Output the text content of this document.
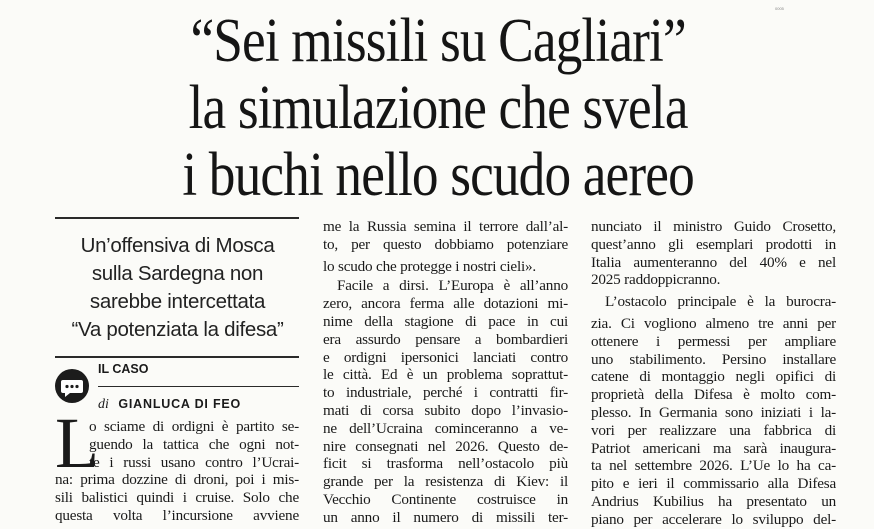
0005
“Sei missili su Cagliari”
la simulazione che svela
i buchi nello scudo aereo
Un’offensiva di Mosca
sulla Sardegna non
sarebbe intercettata
“Va potenziata la difesa”
IL CASO
di GIANLUCA DI FEO
L
o sciame di ordigni è partito se-
guendo la tattica che ogni not-
te i russi usano contro l’Ucrai-
na: prima dozzine di droni, poi i mis-
sili balistici quindi i cruise. Solo che
questa volta l’incursione avviene
me la Russia semina il terrore dall’al-
to, per questo dobbiamo potenziare
lo scudo che protegge i nostri cieli».
Facile a dirsi. L’Europa è all’anno
zero, ancora ferma alle dotazioni mi-
nime della stagione di pace in cui
era assurdo pensare a bombardieri
e ordigni ipersonici lanciati contro
le città. Ed è un problema soprattut-
to industriale, perché i contratti fir-
mati di corsa subito dopo l’invasio-
ne dell’Ucraina cominceranno a ve-
nire consegnati nel 2026. Questo de-
ficit si trasforma nell’ostacolo più
grande per la resistenza di Kiev: il
Vecchio Continente costruisce in
un anno il numero di missili ter-
nunciato il ministro Guido Crosetto,
quest’anno gli esemplari prodotti in
Italia aumenteranno del 40% e nel
2025 raddoppicranno.
L’ostacolo principale è la burocra-
zia. Ci vogliono almeno tre anni per
ottenere i permessi per ampliare
uno stabilimento. Persino installare
catene di montaggio negli opifici di
proprietà della Difesa è molto com-
plesso. In Germania sono iniziati i la-
vori per realizzare una fabbrica di
Patriot americani ma sarà inaugura-
ta nel settembre 2026. L’Ue lo ha ca-
pito e ieri il commissario alla Difesa
Andrius Kubilius ha presentato un
piano per accelerare lo sviluppo del-
